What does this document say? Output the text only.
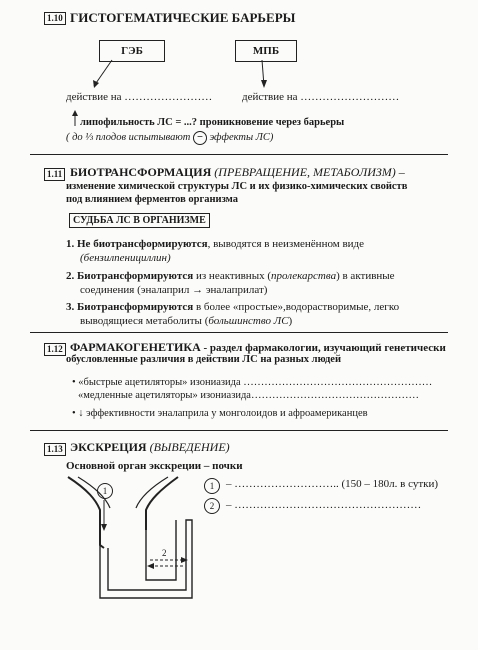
1.10 ГИСТОГЕМАТИЧЕСКИЕ БАРЬЕРЫ
ГЭБ	МПБ
действие на ……………………	действие на ………………………
липофильность ЛС = ...? проникновение через барьеры
( до ⅓ плодов испытывают − эффекты ЛС)
1.11 БИОТРАНСФОРМАЦИЯ (ПРЕВРАЩЕНИЕ, МЕТАБОЛИЗМ) –
изменение химической структуры ЛС и их физико-химических свойств
под влиянием ферментов организма
СУДЬБА ЛС В ОРГАНИЗМЕ
1. Не биотрансформируются, выводятся в неизменённом виде
(бензилпенициллин)
2. Биотрансформируются из неактивных (пролекарства) в активные
соединения (эналаприл → эналаприлат)
3. Биотрансформируются в более «простые»,водорастворимые, легко
выводящиеся метаболиты (большинство ЛС)
1.12 ФАРМАКОГЕНЕТИКА - раздел фармакологии, изучающий генетически
обусловленные различия в действии ЛС на разных людей
• «быстрые ацетиляторы» изониазида ………………………………………………
«медленные ацетиляторы» изониазида…………………………………………
• ↓ эффективности эналаприла у монголоидов и афроамериканцев
1.13 ЭКСКРЕЦИЯ (ВЫВЕДЕНИЕ)
Основной орган экскреции – почки
1
2
1	– ……………………….. (150 – 180л. в сутки)
2	– ……………………………………………
